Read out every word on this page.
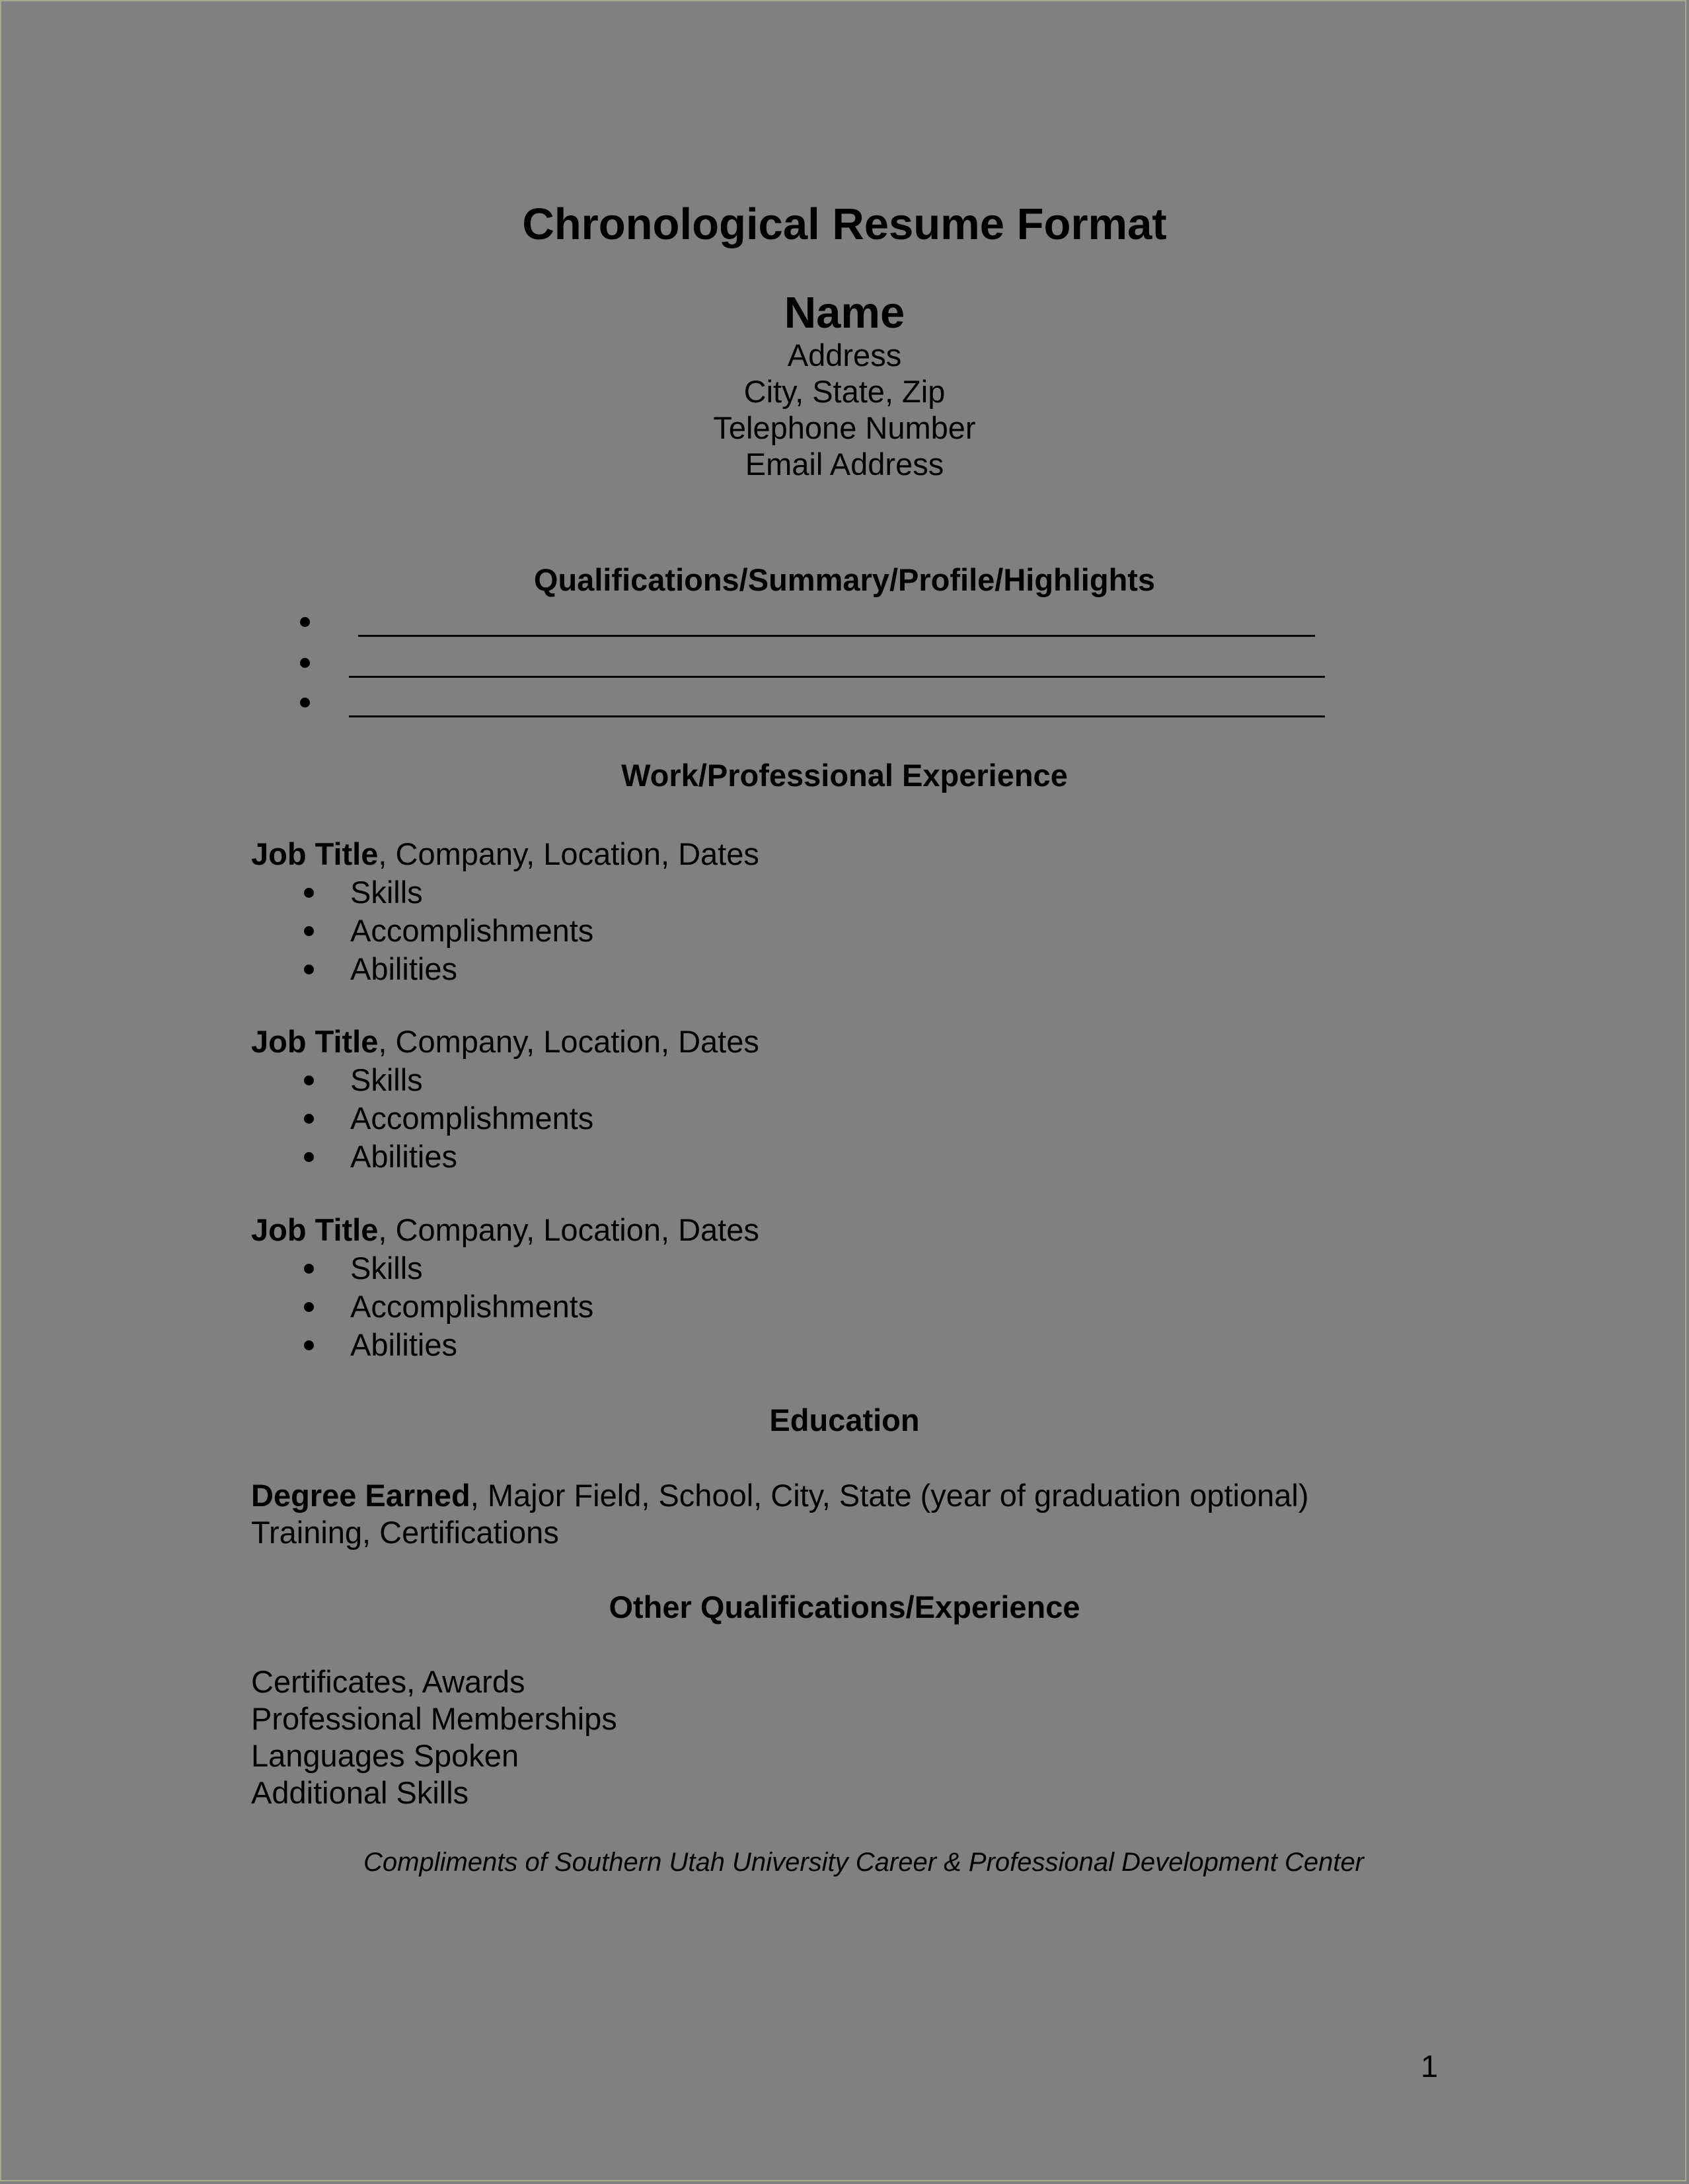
Chronological Resume Format
Name
Address
City, State, Zip
Telephone Number
Email Address
Qualifications/Summary/Profile/Highlights
Work/Professional Experience
Job Title, Company, Location, Dates
Skills
Accomplishments
Abilities
Job Title, Company, Location, Dates
Skills
Accomplishments
Abilities
Job Title, Company, Location, Dates
Skills
Accomplishments
Abilities
Education
Degree Earned, Major Field, School, City, State (year of graduation optional)
Training, Certifications
Other Qualifications/Experience
Certificates, Awards
Professional Memberships
Languages Spoken
Additional Skills
Compliments of Southern Utah University Career & Professional Development Center
1
